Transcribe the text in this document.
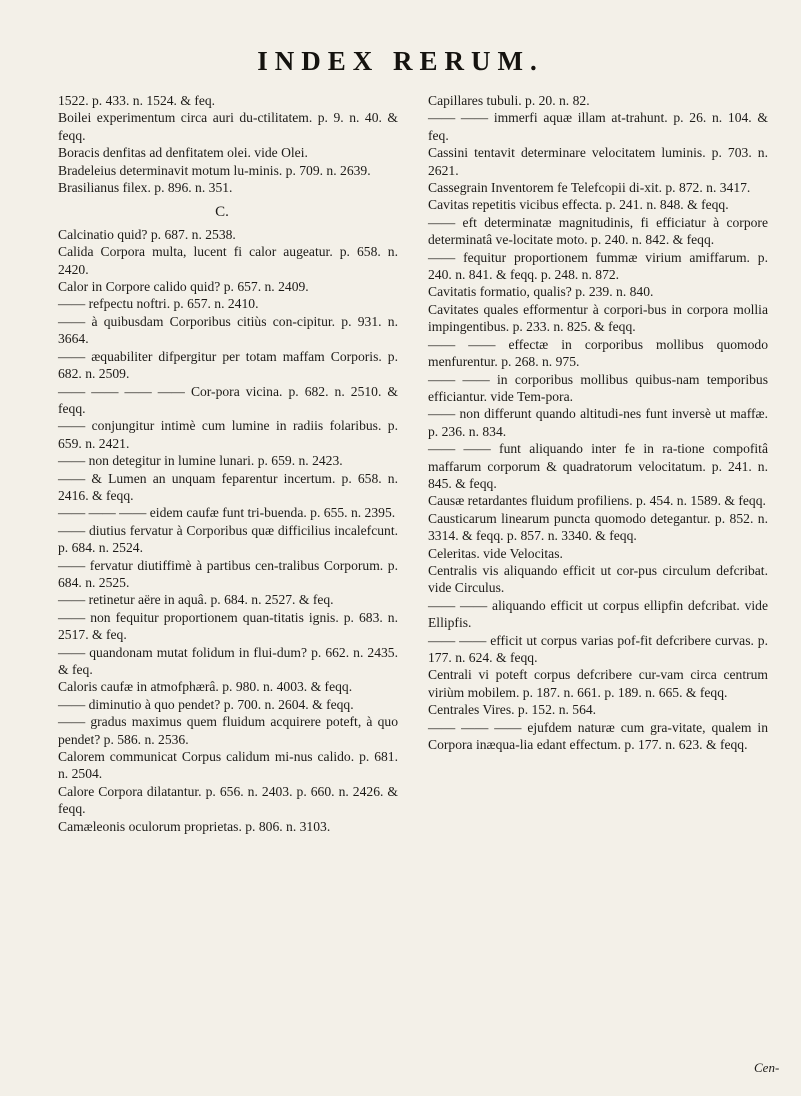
INDEX RERUM.
1522. p. 433. n. 1524. & feq.
Boilei experimentum circa auri du-ctilitatem. p. 9. n. 40. & feqq.
Boracis denfitas ad denfitatem olei. vide Olei.
Bradeleius determinavit motum lu-minis. p. 709. n. 2639.
Brasilianus filex. p. 896. n. 351.
C.
Calcinatio quid? p. 687. n. 2538.
Calida Corpora multa, lucent fi calor augeatur. p. 658. n. 2420.
Calor in Corpore calido quid? p. 657. n. 2409.
—— refpectu noftri. p. 657. n. 2410.
—— à quibusdam Corporibus citiùs con-cipitur. p. 931. n. 3664.
—— æquabiliter difpergitur per totam maffam Corporis. p. 682. n. 2509.
—— —— —— —— Cor-pora vicina. p. 682. n. 2510. & feqq.
—— conjungitur intimè cum lumine in radiis folaribus. p. 659. n. 2421.
—— non detegitur in lumine lunari. p. 659. n. 2423.
—— & Lumen an unquam feparentur incertum. p. 658. n. 2416. & feqq.
—— —— —— eidem caufæ funt tri-buenda. p. 655. n. 2395.
—— diutius fervatur à Corporibus quæ difficilius incalefcunt. p. 684. n. 2524.
—— fervatur diutiffimè à partibus cen-tralibus Corporum. p. 684. n. 2525.
—— retinetur aëre in aquâ. p. 684. n. 2527. & feq.
—— non fequitur proportionem quan-titatis ignis. p. 683. n. 2517. & feq.
—— quandonam mutat folidum in flui-dum? p. 662. n. 2435. & feq.
Caloris caufæ in atmofphærâ. p. 980. n. 4003. & feqq.
—— diminutio à quo pendet? p. 700. n. 2604. & feqq.
—— gradus maximus quem fluidum acquirere poteft, à quo pendet? p. 586. n. 2536.
Calorem communicat Corpus calidum mi-nus calido. p. 681. n. 2504.
Calore Corpora dilatantur. p. 656. n. 2403. p. 660. n. 2426. & feqq.
Camæleonis oculorum proprietas. p. 806. n. 3103.
Capillares tubuli. p. 20. n. 82.
—— —— immerfi aquæ illam at-trahunt. p. 26. n. 104. & feq.
Cassini tentavit determinare velocitatem luminis. p. 703. n. 2621.
Cassegrain Inventorem fe Telefcopii di-xit. p. 872. n. 3417.
Cavitas repetitis vicibus effecta. p. 241. n. 848. & feqq.
—— eft determinatæ magnitudinis, fi efficiatur à corpore determinatâ ve-locitate moto. p. 240. n. 842. & feqq.
—— fequitur proportionem fummæ virium amiffarum. p. 240. n. 841. & feqq. p. 248. n. 872.
Cavitatis formatio, qualis? p. 239. n. 840.
Cavitates quales efformentur à corpori-bus in corpora mollia impingentibus. p. 233. n. 825. & feqq.
—— —— effectæ in corporibus mollibus quomodo menfurentur. p. 268. n. 975.
—— —— in corporibus mollibus quibus-nam temporibus efficiantur. vide Tem-pora.
—— non differunt quando altitudi-nes funt inversè ut maffæ. p. 236. n. 834.
—— —— funt aliquando inter fe in ra-tione compofitâ maffarum corporum & quadratorum velocitatum. p. 241. n. 845. & feqq.
Causæ retardantes fluidum profiliens. p. 454. n. 1589. & feqq.
Causticarum linearum puncta quomodo detegantur. p. 852. n. 3314. & feqq. p. 857. n. 3340. & feqq.
Celeritas. vide Velocitas.
Centralis vis aliquando efficit ut cor-pus circulum defcribat. vide Circulus.
—— —— aliquando efficit ut corpus ellipfin defcribat. vide Ellipfis.
—— —— efficit ut corpus varias pof-fit defcribere curvas. p. 177. n. 624. & feqq.
Centrali vi poteft corpus defcribere cur-vam circa centrum viriùm mobilem. p. 187. n. 661. p. 189. n. 665. & feqq.
Centrales Vires. p. 152. n. 564.
—— —— —— ejufdem naturæ cum gra-vitate, qualem in Corpora inæqua-lia edant effectum. p. 177. n. 623. & feqq.
Cen-
